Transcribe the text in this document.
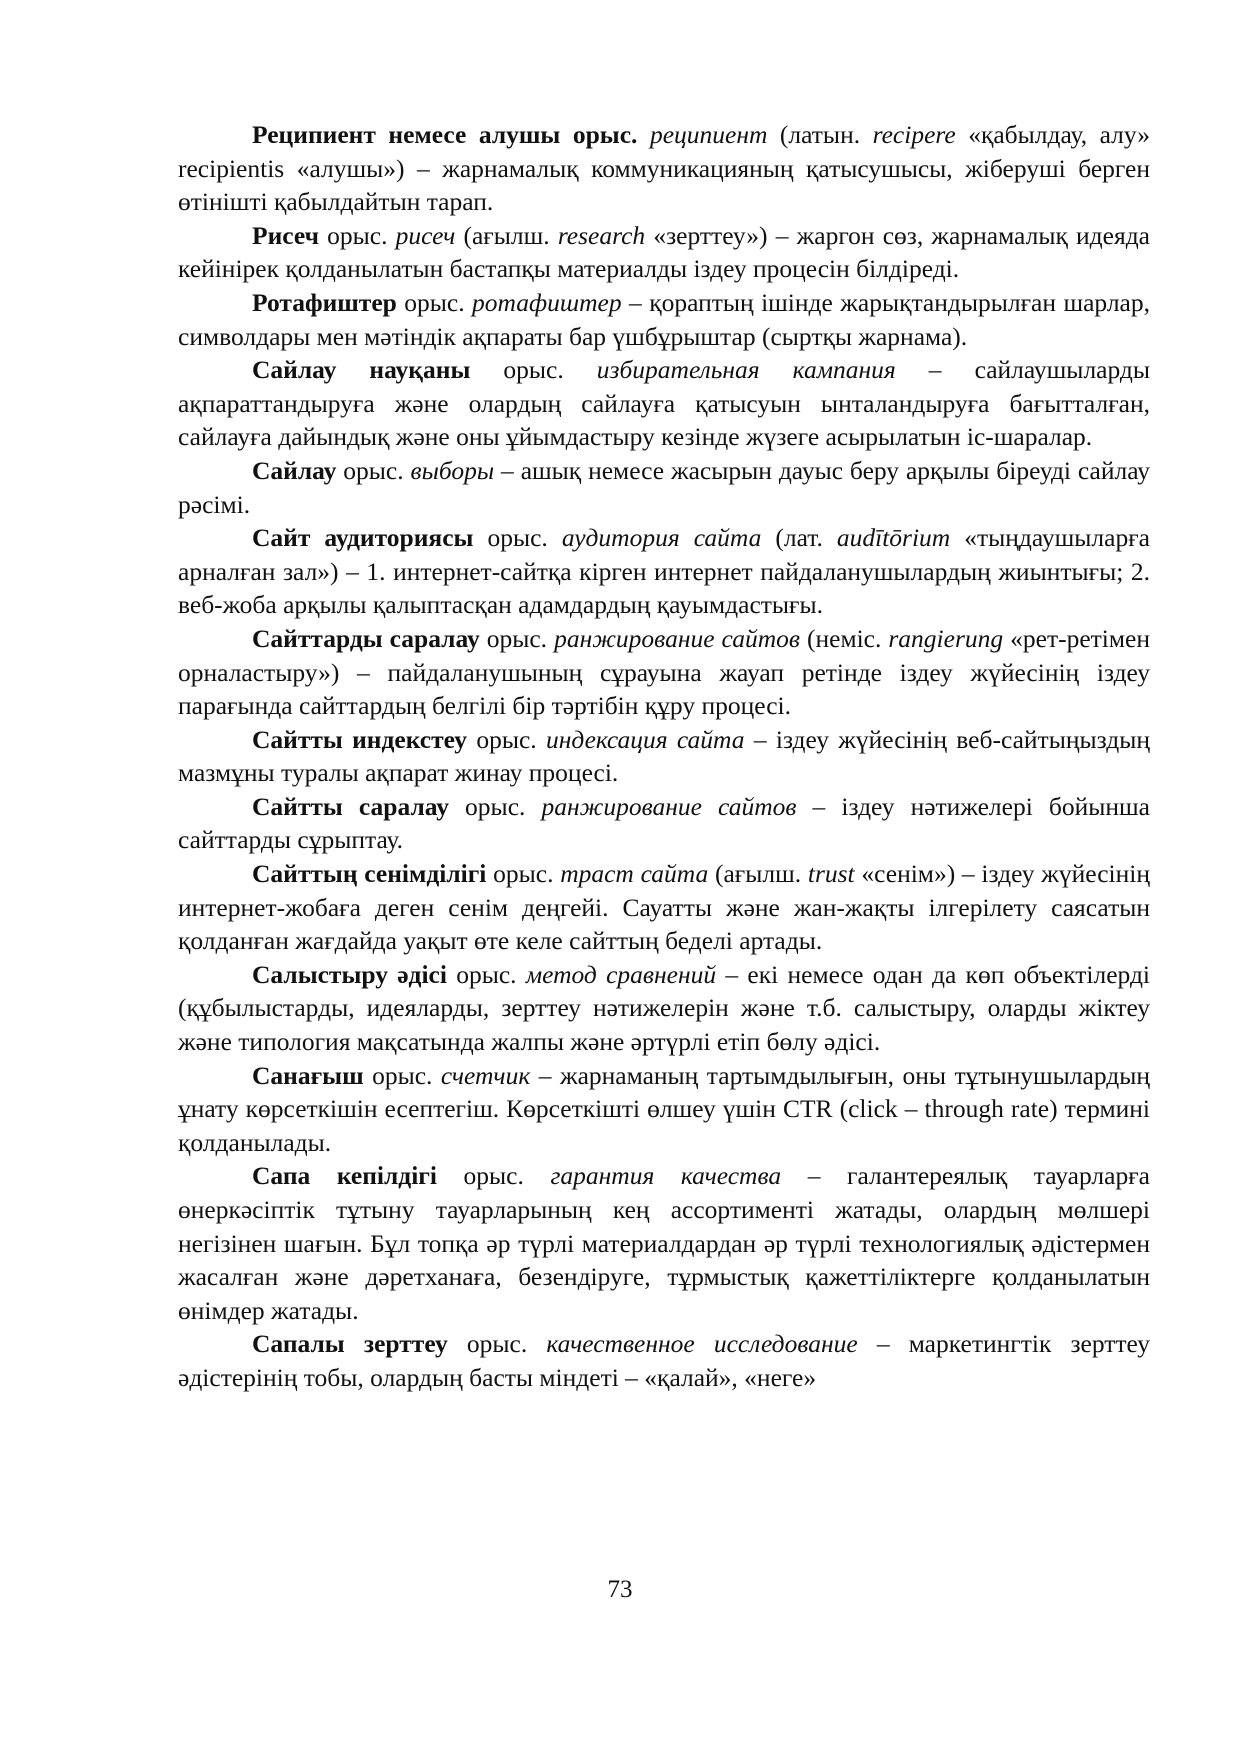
Реципиент немесе алушы орыс. реципиент (латын. recipere «қабылдау, алу» recipientis «алушы») – жарнамалық коммуникацияның қатысушысы, жіберуші берген өтінішті қабылдайтын тарап.

Рисеч орыс. рисеч (ағылш. research «зерттеу») – жаргон сөз, жарнамалық идеяда кейінірек қолданылатын бастапқы материалды іздеу процесін білдіреді.

Ротафиштер орыс. ротафиштер – қораптың ішінде жарықтандырылған шарлар, символдары мен мәтіндік ақпараты бар үшбұрыштар (сыртқы жарнама).

Сайлау науқаны орыс. избирательная кампания – сайлаушыларды ақпараттандыруға және олардың сайлауға қатысуын ынталандыруға бағытталған, сайлауға дайындық және оны ұйымдастыру кезінде жүзеге асырылатын іс-шаралар.

Сайлау орыс. выборы – ашық немесе жасырын дауыс беру арқылы біреуді сайлау рәсімі.

Сайт аудиториясы орыс. аудитория сайта (лат. audītōrium «тыңдаушыларға арналған зал») – 1. интернет-сайтқа кірген интернет пайдаланушылардың жиынтығы; 2. веб-жоба арқылы қалыптасқан адамдардың қауымдастығы.

Сайттарды саралау орыс. ранжирование сайтов (неміс. rangierung «рет-ретімен орналастыру») – пайдаланушының сұрауына жауап ретінде іздеу жүйесінің іздеу парағында сайттардың белгілі бір тәртібін құру процесі.

Сайтты индекстеу орыс. индексация сайта – іздеу жүйесінің веб-сайтыңыздың мазмұны туралы ақпарат жинау процесі.

Сайтты саралау орыс. ранжирование сайтов – іздеу нәтижелері бойынша сайттарды сұрыптау.

Сайттың сенімділігі орыс. траст сайта (ағылш. trust «сенім») – іздеу жүйесінің интернет-жобаға деген сенім деңгейі. Сауатты және жан-жақты ілгерілету саясатын қолданған жағдайда уақыт өте келе сайттың беделі артады.

Салыстыру әдісі орыс. метод сравнений – екі немесе одан да көп объектілерді (құбылыстарды, идеяларды, зерттеу нәтижелерін және т.б. салыстыру, оларды жіктеу және типология мақсатында жалпы және әртүрлі етіп бөлу әдісі.

Санағыш орыс. счетчик – жарнаманың тартымдылығын, оны тұтынушылардың ұнату көрсеткішін есептегіш. Көрсеткішті өлшеу үшін CTR (click – through rate) термині қолданылады.

Сапа кепілдігі орыс. гарантия качества – галантереялық тауарларға өнеркәсіптік тұтыну тауарларының кең ассортименті жатады, олардың мөлшері негізінен шағын. Бұл топқа әр түрлі материалдардан әр түрлі технологиялық әдістермен жасалған және дәретханаға, безендіруге, тұрмыстық қажеттіліктерге қолданылатын өнімдер жатады.

Сапалы зерттеу орыс. качественное исследование – маркетингтік зерттеу әдістерінің тобы, олардың басты міндеті – «қалай», «неге»

73
